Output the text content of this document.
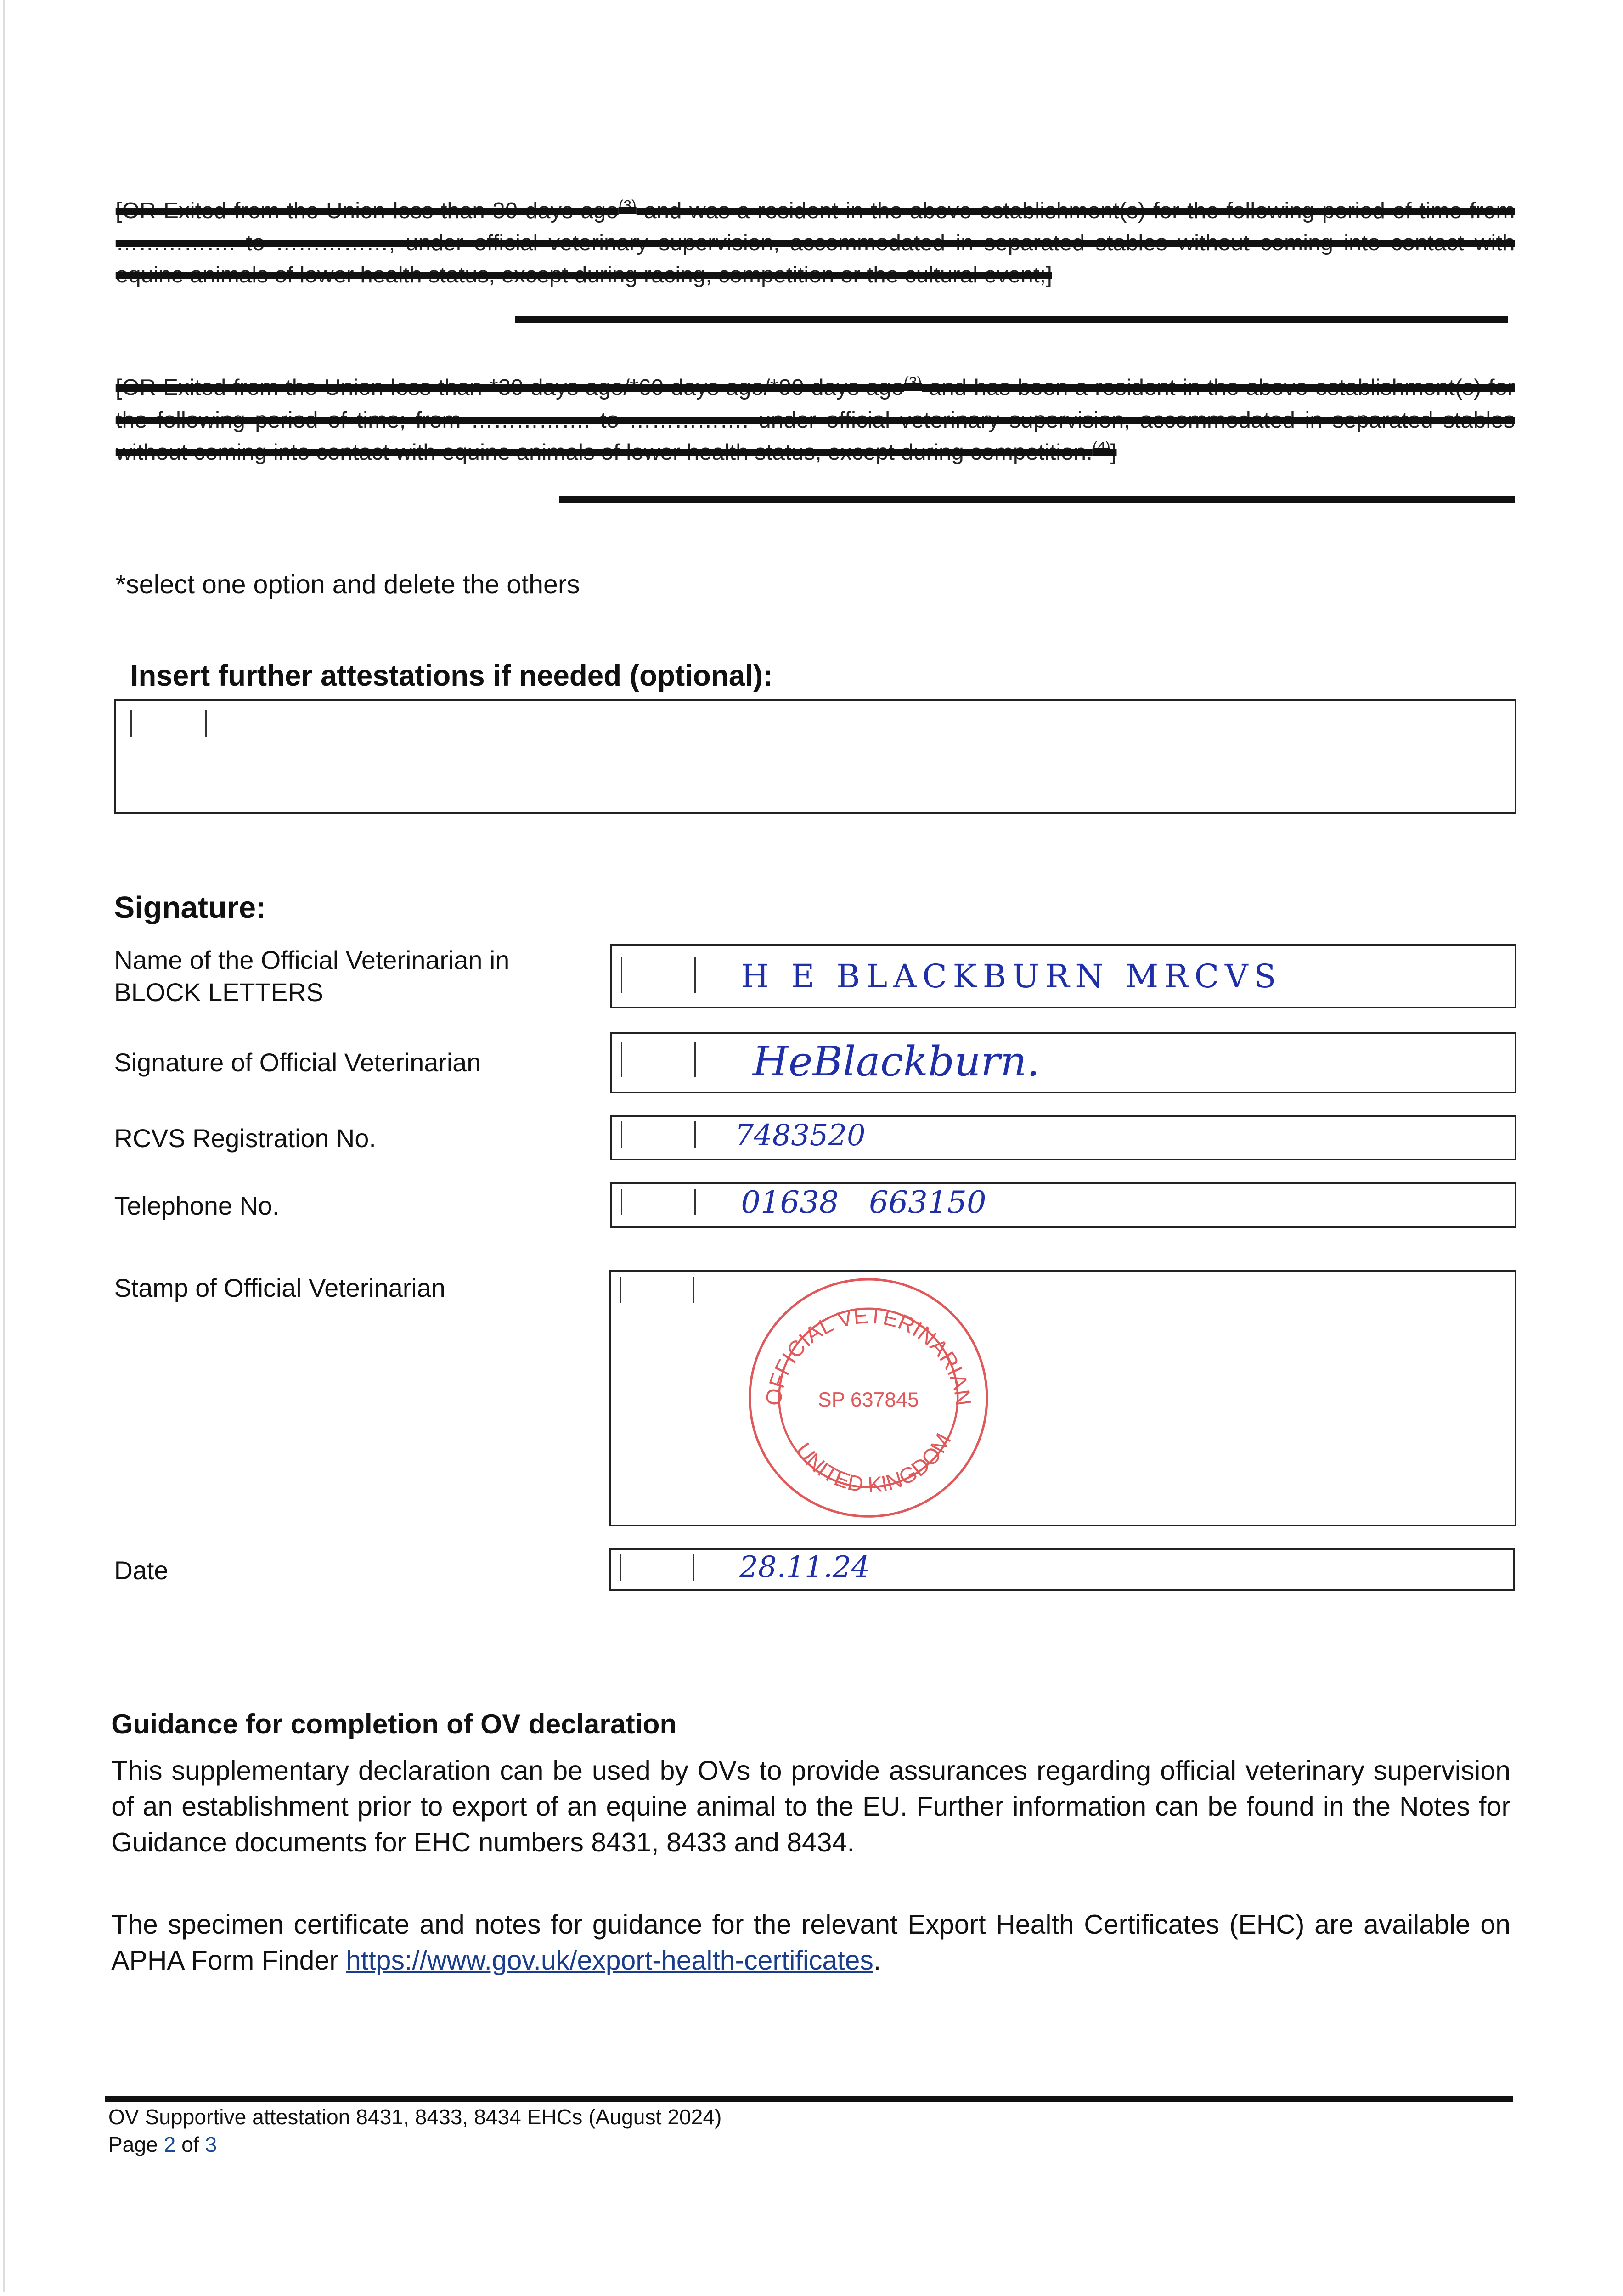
[OR Exited from the Union less than 30 days ago$^{(3)}$ and was a resident in the above establishment(s) for the following period of time from ……………. to ……………, under official veterinary supervision, accommodated in separated stables without coming into contact with equine animals of lower health status, except during racing, competition or the cultural event;]

[OR Exited from the Union less than *30 days ago/*60 days ago/*90 days ago$^{(3)}$ and has been a resident in the above establishment(s) for the following period of time; from ……………. to ……………. under official veterinary supervision, accommodated in separated stables without coming into contact with equine animals of lower health status, except during competition.$^{(4)}$]

*select one option and delete the others
Insert further attestations if needed (optional):
Signature:
Name of the Official Veterinarian in
BLOCK LETTERS	H E BLACKBURN MRCVS
Signature of Official Veterinarian	HeBlackburn.
RCVS Registration No.	7483520
Telephone No.	01638 663150
Stamp of Official Veterinarian
OFFICIAL VETERINARIAN
UNITED KINGDOM
SP 637845
Date	28.11.24
Guidance for completion of OV declaration

This supplementary declaration can be used by OVs to provide assurances regarding official veterinary supervision of an establishment prior to export of an equine animal to the EU. Further information can be found in the Notes for Guidance documents for EHC numbers 8431, 8433 and 8434.

The specimen certificate and notes for guidance for the relevant Export Health Certificates (EHC) are available on APHA Form Finder https://www.gov.uk/export-health-certificates.

OV Supportive attestation 8431, 8433, 8434 EHCs (August 2024)
Page 2 of 3
